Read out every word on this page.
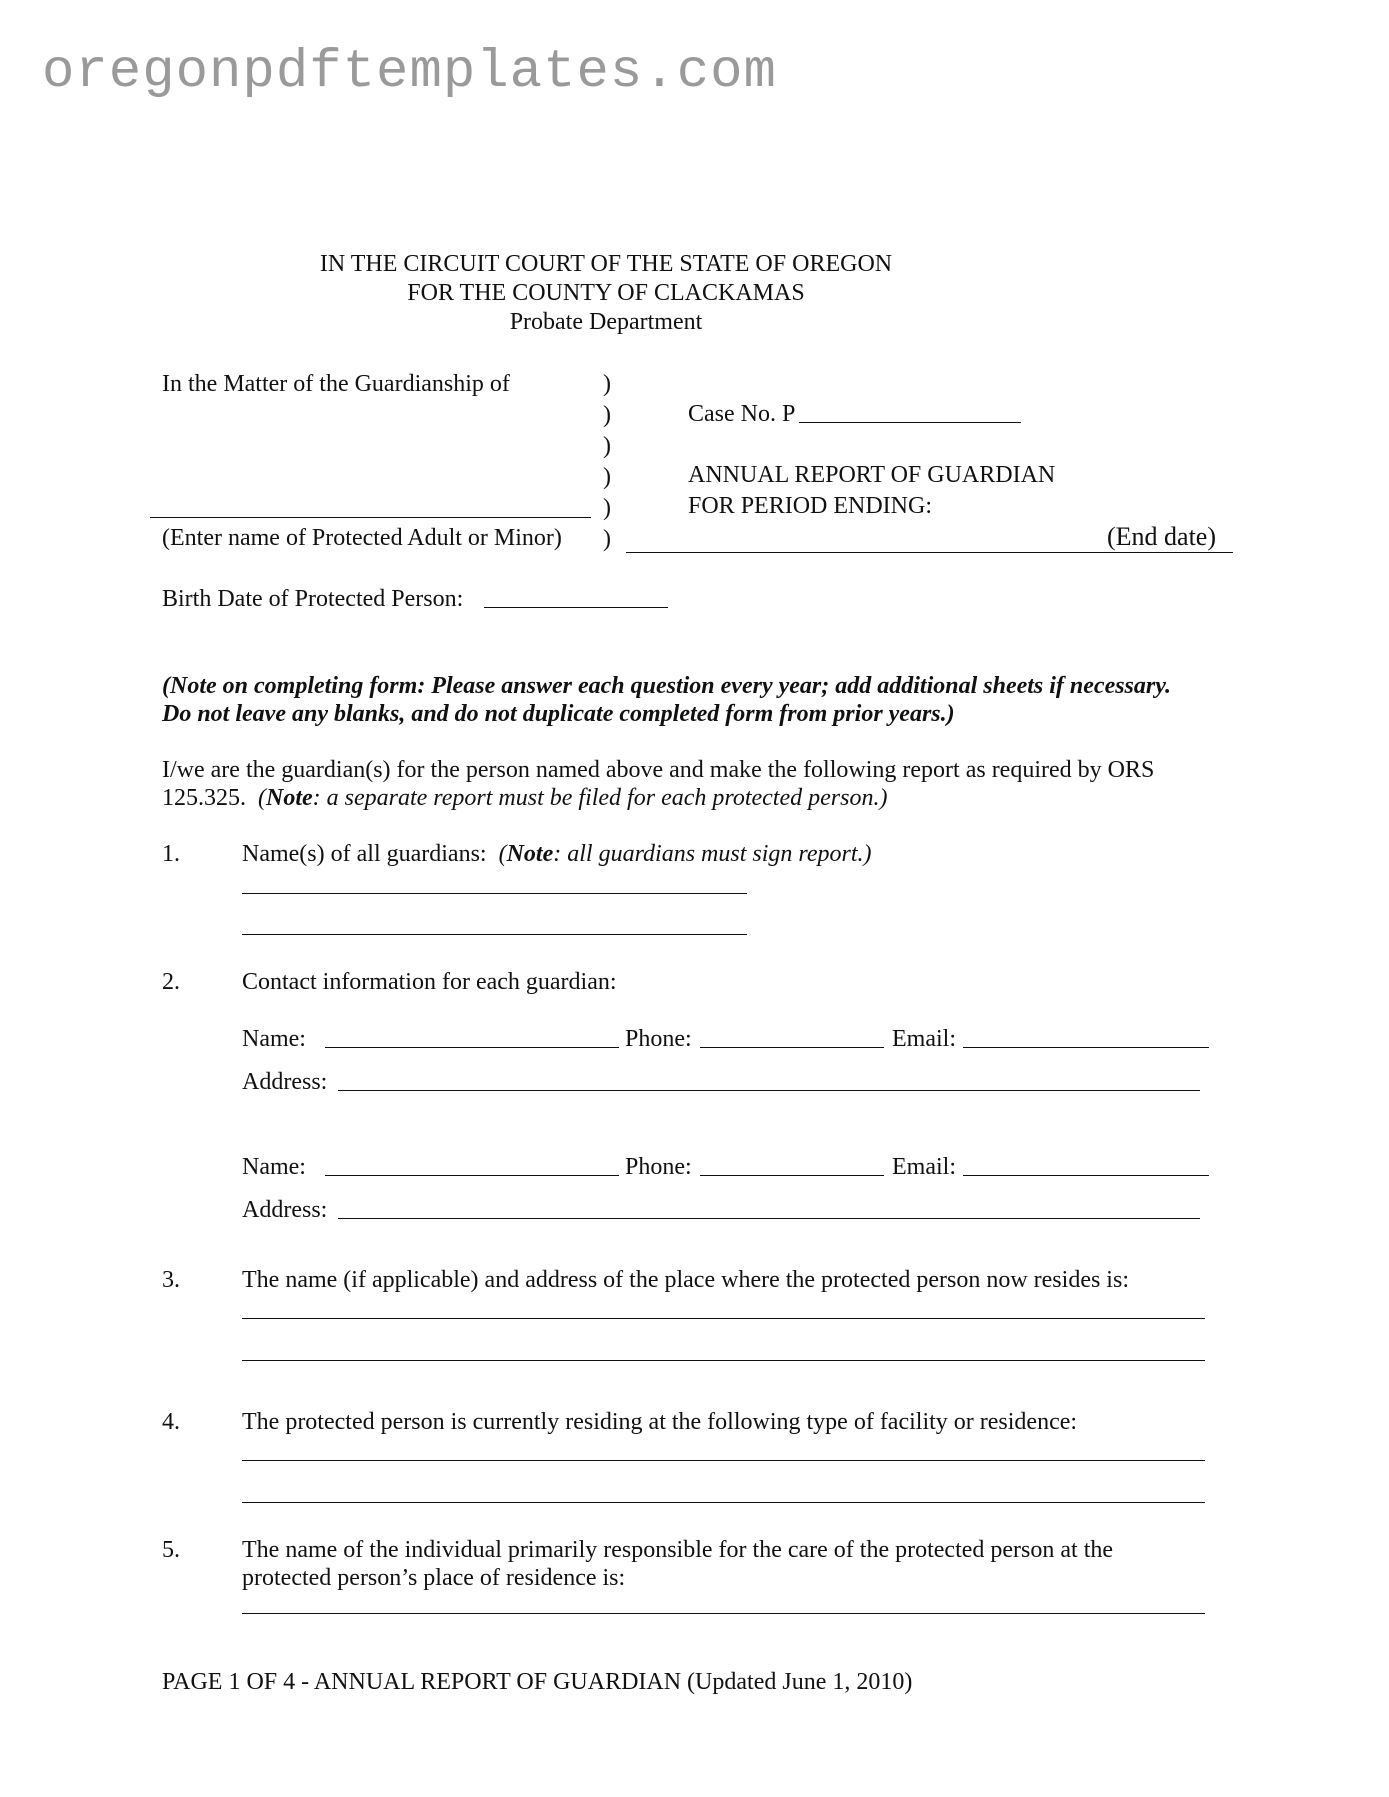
oregonpdftemplates.com
IN THE CIRCUIT COURT OF THE STATE OF OREGON
FOR THE COUNTY OF CLACKAMAS
Probate Department
In the Matter of the Guardianship of	)
)
)
)
)
)
(Enter name of Protected Adult or Minor)
Case No. P
ANNUAL REPORT OF GUARDIAN
FOR PERIOD ENDING:
(End date)
Birth Date of Protected Person:
(Note on completing form: Please answer each question every year; add additional sheets if necessary.
Do not leave any blanks, and do not duplicate completed form from prior years.)
I/we are the guardian(s) for the person named above and make the following report as required by ORS
125.325. (Note: a separate report must be filed for each protected person.)
1.	Name(s) of all guardians: (Note: all guardians must sign report.)
2.	Contact information for each guardian:
Name:	Phone:	Email:
Address:
Name:	Phone:	Email:
Address:
3.	The name (if applicable) and address of the place where the protected person now resides is:
4.	The protected person is currently residing at the following type of facility or residence:
5.	The name of the individual primarily responsible for the care of the protected person at the
protected person’s place of residence is:
PAGE 1 OF 4 - ANNUAL REPORT OF GUARDIAN (Updated June 1, 2010)
